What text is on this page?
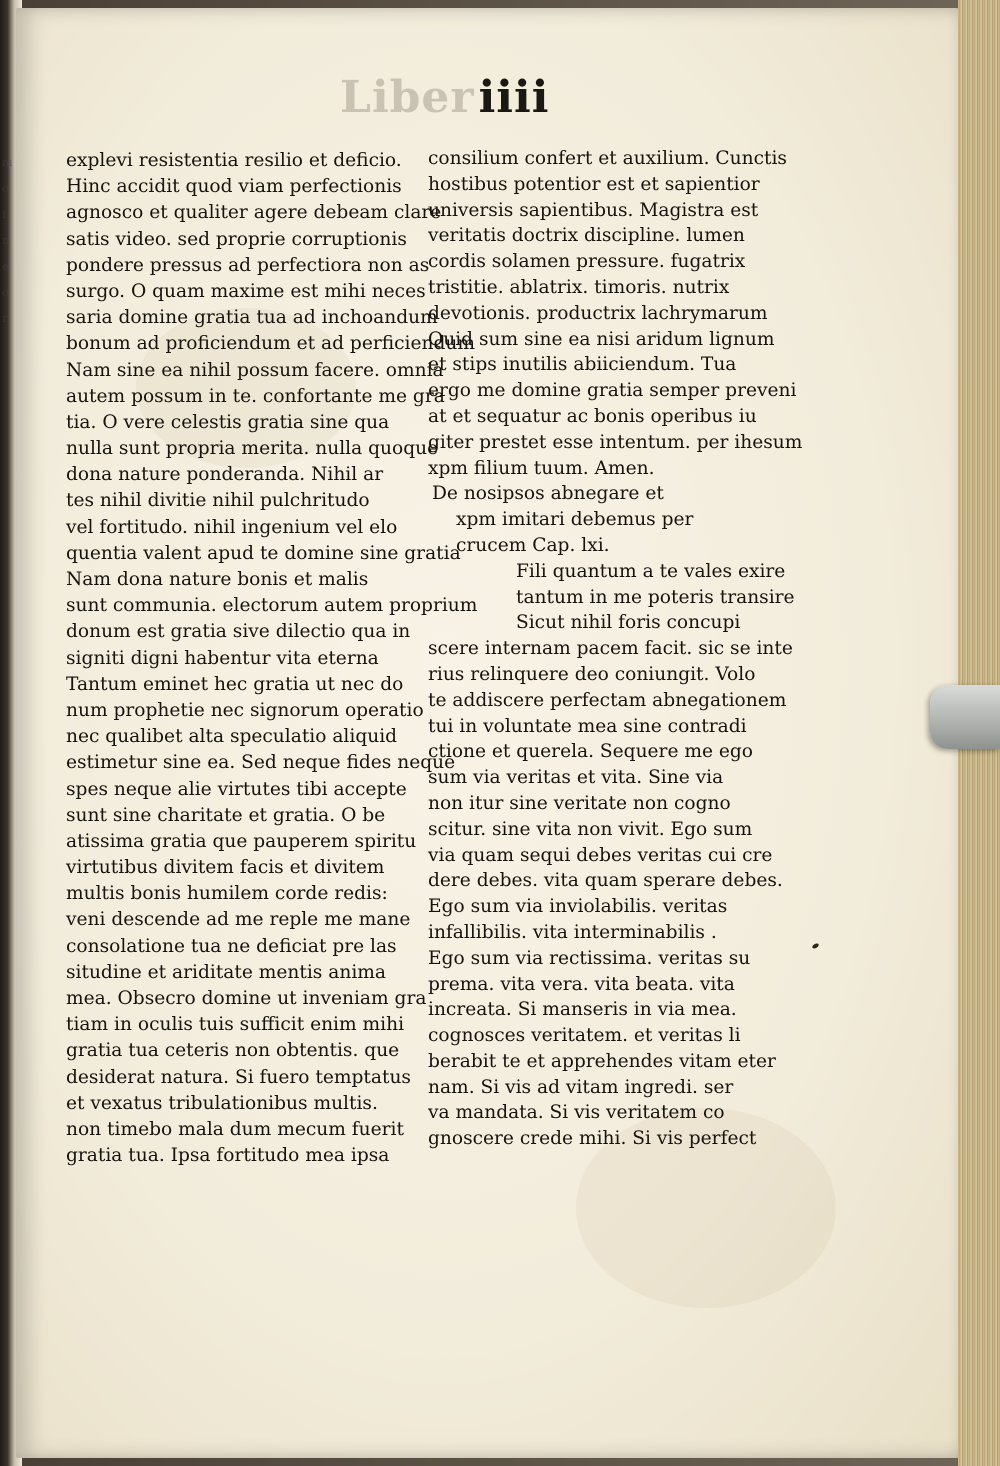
m
o
i
n
e
o
r
Liberiiii
explevi resistentia resilio et deficio.
Hinc accidit quod viam perfectionis
agnosco et qualiter agere debeam clare
satis video. sed proprie corruptionis
pondere pressus ad perfectiora non as
surgo. O quam maxime est mihi neces
saria domine gratia tua ad inchoandum
bonum ad proficiendum et ad perficiendum
Nam sine ea nihil possum facere. omnia
autem possum in te. confortante me gra
tia. O vere celestis gratia sine qua
nulla sunt propria merita. nulla quoque
dona nature ponderanda. Nihil ar
tes nihil divitie nihil pulchritudo
vel fortitudo. nihil ingenium vel elo
quentia valent apud te domine sine gratia
Nam dona nature bonis et malis
sunt communia. electorum autem proprium
donum est gratia sive dilectio qua in
signiti digni habentur vita eterna
Tantum eminet hec gratia ut nec do
num prophetie nec signorum operatio
nec qualibet alta speculatio aliquid
estimetur sine ea. Sed neque fides neque
spes neque alie virtutes tibi accepte
sunt sine charitate et gratia. O be
atissima gratia que pauperem spiritu
virtutibus divitem facis et divitem
multis bonis humilem corde redis:
veni descende ad me reple me mane
consolatione tua ne deficiat pre las
situdine et ariditate mentis anima
mea. Obsecro domine ut inveniam gra
tiam in oculis tuis sufficit enim mihi
gratia tua ceteris non obtentis. que
desiderat natura. Si fuero temptatus
et vexatus tribulationibus multis.
non timebo mala dum mecum fuerit
gratia tua. Ipsa fortitudo mea ipsa
consilium confert et auxilium. Cunctis
hostibus potentior est et sapientior
universis sapientibus. Magistra est
veritatis doctrix discipline. lumen
cordis solamen pressure. fugatrix
tristitie. ablatrix. timoris. nutrix
devotionis. productrix lachrymarum
Quid sum sine ea nisi aridum lignum
et stips inutilis abiiciendum. Tua
ergo me domine gratia semper preveni
at et sequatur ac bonis operibus iu
giter prestet esse intentum. per ihesum
xpm filium tuum. Amen.
De nosipsos abnegare et
xpm imitari debemus per
crucem Cap. lxi.
Fili quantum a te vales exire
tantum in me poteris transire
Sicut nihil foris concupi
scere internam pacem facit. sic se inte
rius relinquere deo coniungit. Volo
te addiscere perfectam abnegationem
tui in voluntate mea sine contradi
ctione et querela. Sequere me ego
sum via veritas et vita. Sine via
non itur sine veritate non cogno
scitur. sine vita non vivit. Ego sum
via quam sequi debes veritas cui cre
dere debes. vita quam sperare debes.
Ego sum via inviolabilis. veritas
infallibilis. vita interminabilis .
Ego sum via rectissima. veritas su
prema. vita vera. vita beata. vita
increata. Si manseris in via mea.
cognosces veritatem. et veritas li
berabit te et apprehendes vitam eter
nam. Si vis ad vitam ingredi. ser
va mandata. Si vis veritatem co
gnoscere crede mihi. Si vis perfect
